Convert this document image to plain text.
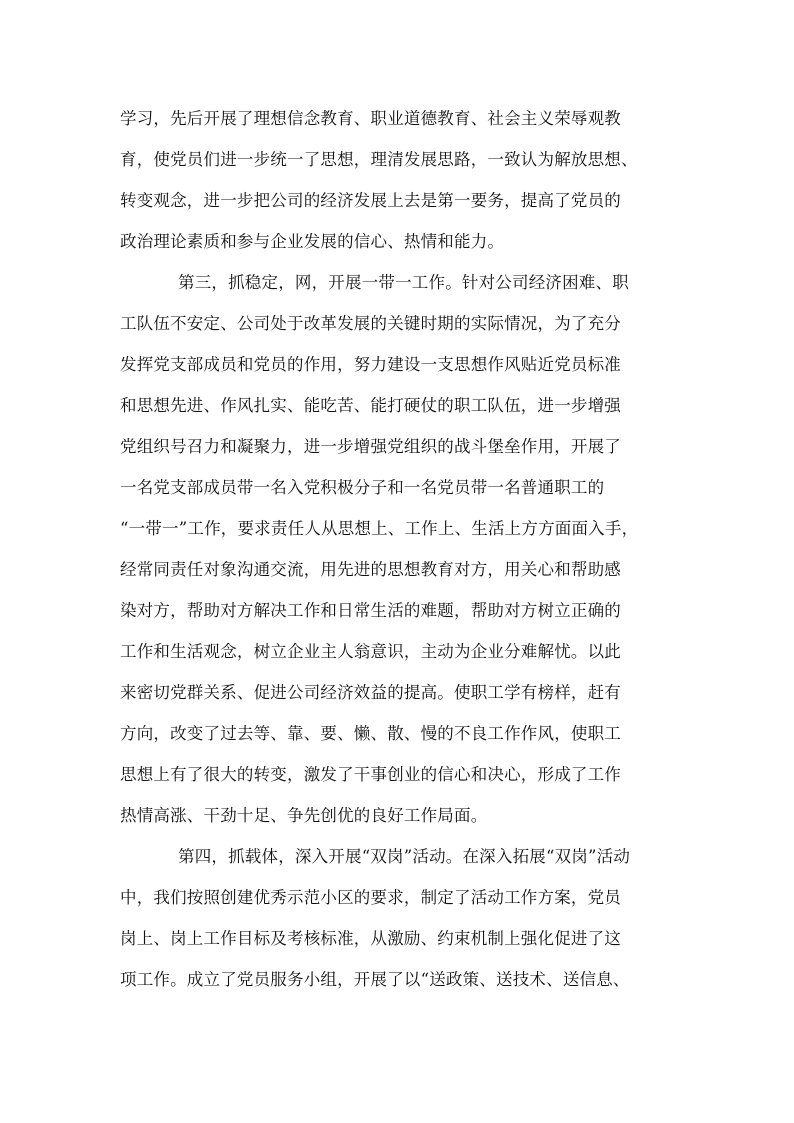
学习，先后开展了理想信念教育、职业道德教育、社会主义荣辱观教
育，使党员们进一步统一了思想，理清发展思路，一致认为解放思想、
转变观念，进一步把公司的经济发展上去是第一要务，提高了党员的
政治理论素质和参与企业发展的信心、热情和能力。
第三，抓稳定，网，开展一带一工作。针对公司经济困难、职
工队伍不安定、公司处于改革发展的关键时期的实际情况，为了充分
发挥党支部成员和党员的作用，努力建设一支思想作风贴近党员标准
和思想先进、作风扎实、能吃苦、能打硬仗的职工队伍，进一步增强
党组织号召力和凝聚力，进一步增强党组织的战斗堡垒作用，开展了
一名党支部成员带一名入党积极分子和一名党员带一名普通职工的
“一带一”工作，要求责任人从思想上、工作上、生活上方方面面入手，
经常同责任对象沟通交流，用先进的思想教育对方，用关心和帮助感
染对方，帮助对方解决工作和日常生活的难题，帮助对方树立正确的
工作和生活观念，树立企业主人翁意识，主动为企业分难解忧。以此
来密切党群关系、促进公司经济效益的提高。使职工学有榜样，赶有
方向，改变了过去等、靠、要、懒、散、慢的不良工作作风，使职工
思想上有了很大的转变，激发了干事创业的信心和决心，形成了工作
热情高涨、干劲十足、争先创优的良好工作局面。
第四，抓载体，深入开展“双岗”活动。在深入拓展“双岗”活动
中，我们按照创建优秀示范小区的要求，制定了活动工作方案，党员
岗上、岗上工作目标及考核标准，从激励、约束机制上强化促进了这
项工作。成立了党员服务小组，开展了以“送政策、送技术、送信息、
